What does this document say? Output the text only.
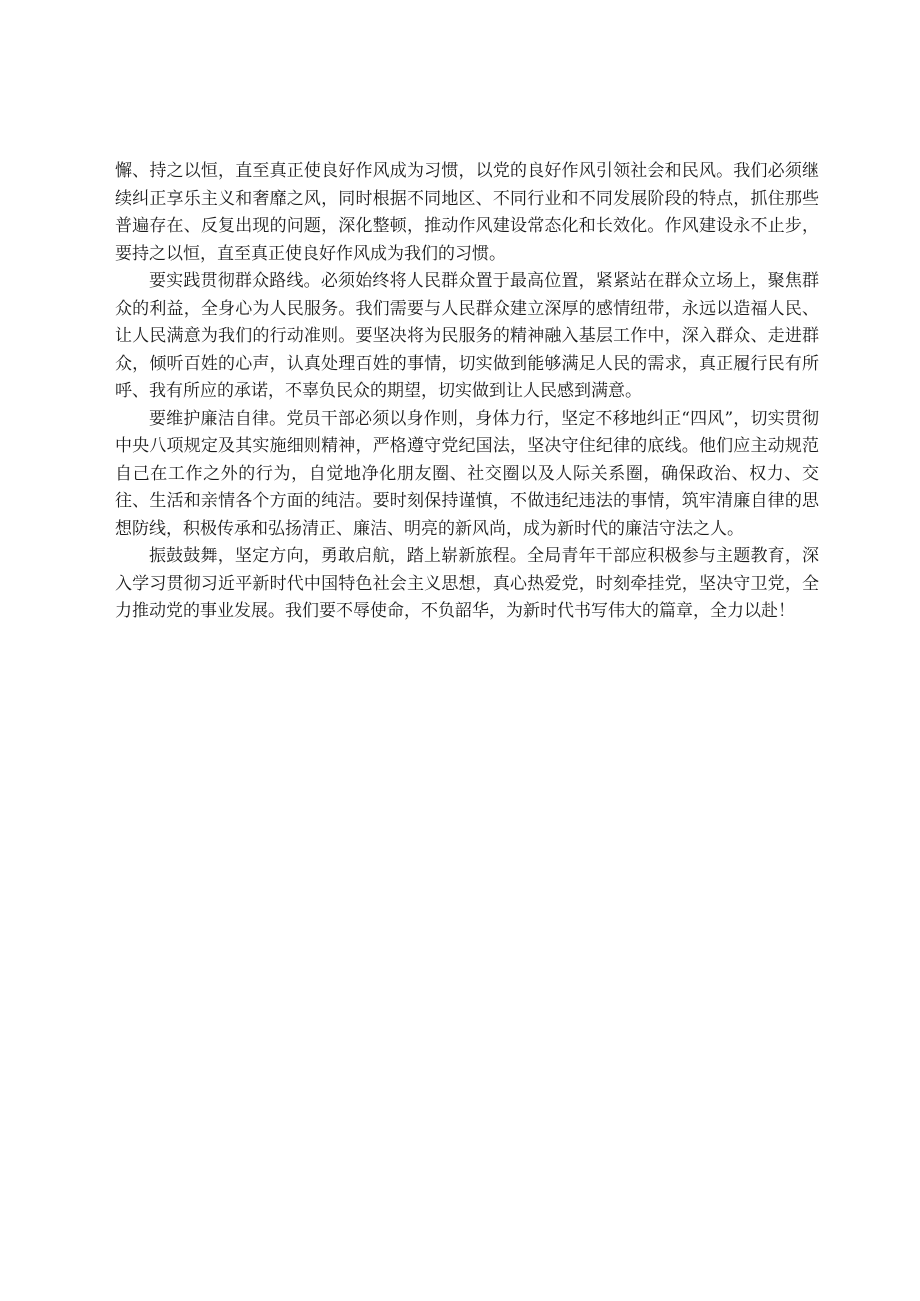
懈、持之以恒，直至真正使良好作风成为习惯，以党的良好作风引领社会和民风。我们必须继续纠正享乐主义和奢靡之风，同时根据不同地区、不同行业和不同发展阶段的特点，抓住那些普遍存在、反复出现的问题，深化整顿，推动作风建设常态化和长效化。作风建设永不止步，要持之以恒，直至真正使良好作风成为我们的习惯。

要实践贯彻群众路线。必须始终将人民群众置于最高位置，紧紧站在群众立场上，聚焦群众的利益，全身心为人民服务。我们需要与人民群众建立深厚的感情纽带，永远以造福人民、让人民满意为我们的行动准则。要坚决将为民服务的精神融入基层工作中，深入群众、走进群众，倾听百姓的心声，认真处理百姓的事情，切实做到能够满足人民的需求，真正履行民有所呼、我有所应的承诺，不辜负民众的期望，切实做到让人民感到满意。

要维护廉洁自律。党员干部必须以身作则，身体力行，坚定不移地纠正“四风”，切实贯彻中央八项规定及其实施细则精神，严格遵守党纪国法，坚决守住纪律的底线。他们应主动规范自己在工作之外的行为，自觉地净化朋友圈、社交圈以及人际关系圈，确保政治、权力、交往、生活和亲情各个方面的纯洁。要时刻保持谨慎，不做违纪违法的事情，筑牢清廉自律的思想防线，积极传承和弘扬清正、廉洁、明亮的新风尚，成为新时代的廉洁守法之人。

振鼓鼓舞，坚定方向，勇敢启航，踏上崭新旅程。全局青年干部应积极参与主题教育，深入学习贯彻习近平新时代中国特色社会主义思想，真心热爱党，时刻牵挂党，坚决守卫党，全力推动党的事业发展。我们要不辱使命，不负韶华，为新时代书写伟大的篇章，全力以赴！
